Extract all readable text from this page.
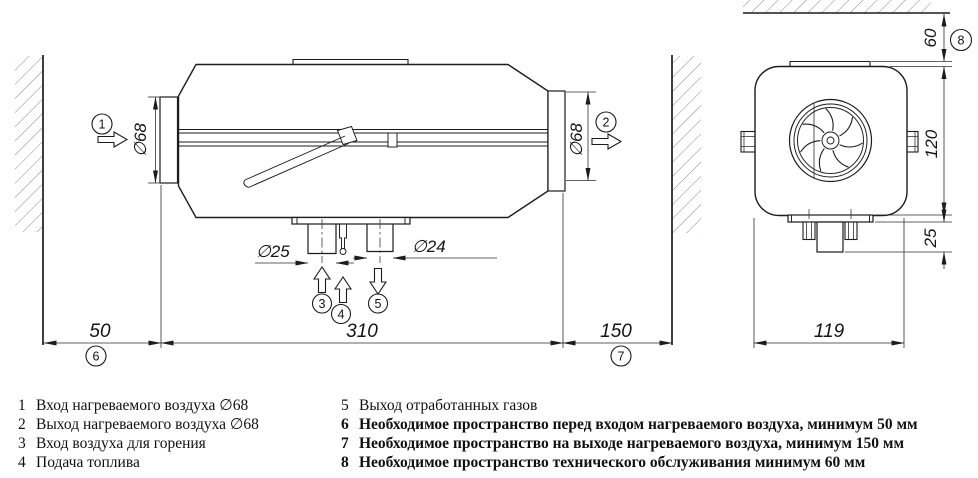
∅68	∅68
∅25	∅24
50	310	150
1	2
3
4
5
6	7
60
120
25
119
8
1 Вход нагреваемого воздуха ∅68
2 Выход нагреваемого воздуха ∅68
3 Вход воздуха для горения
4 Подача топлива
5 Выход отработанных газов
6 Необходимое пространство перед входом нагреваемого воздуха, минимум 50 мм
7 Необходимое пространство на выходе нагреваемого воздуха, минимум 150 мм
8 Необходимое пространство технического обслуживания минимум 60 мм
